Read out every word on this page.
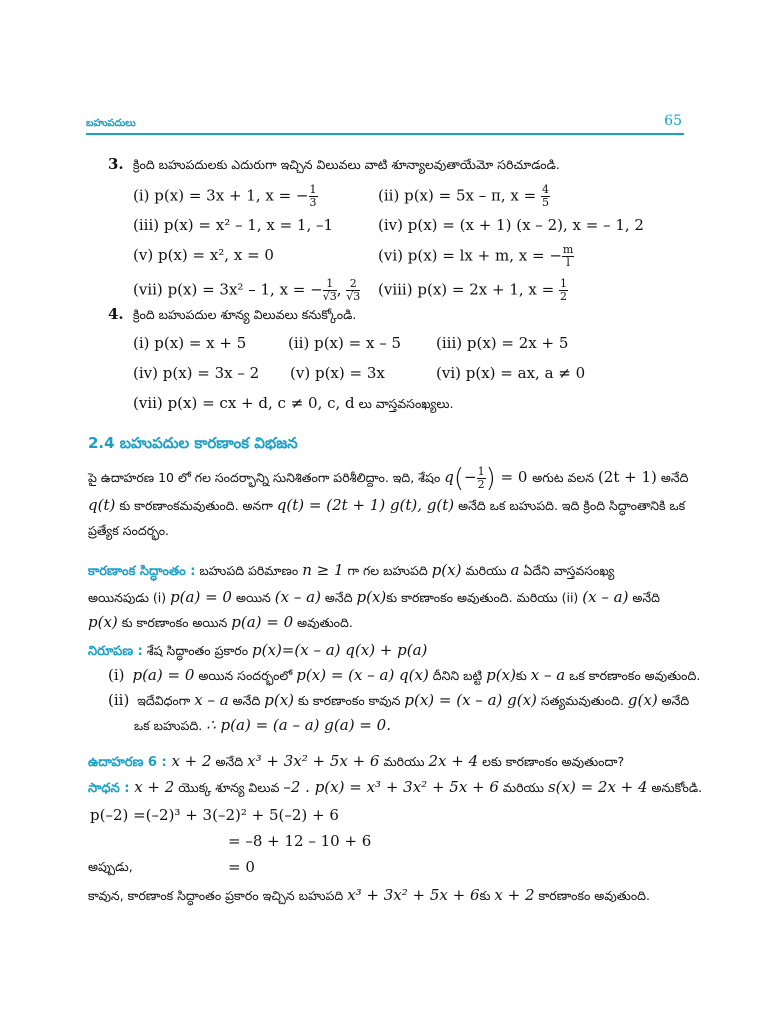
బహుపదులు	65
3. క్రింది బహుపదులకు ఎదురుగా ఇచ్చిన విలువలు వాటి శూన్యాలవుతాయేమో సరిచూడండి.
(i) p(x) = 3x + 1, x = − $\frac{1}{3}$	(ii) p(x) = 5x – π, $x = \frac{4}{5}$
(iii) p(x) = x² – 1, x = 1, –1	(iv) p(x) = (x + 1) (x – 2), x = – 1, 2
(v) p(x) = x², x = 0	(vi) p(x) = lx + m, x = − $\frac{m}{l}$
(vii) p(x) = 3x² – 1, x = − $\frac{1}{√3}$ , $\frac{2}{√3}$ (viii) p(x) = 2x + 1, $x = \frac{1}{2}$
4. క్రింది బహుపదుల శూన్య విలువలు కనుక్కోండి.
(i) p(x) = x + 5	(ii) p(x) = x – 5 (iii) p(x) = 2x + 5
(iv) p(x) = 3x – 2 (v) p(x) = 3x	(vi) p(x) = ax, a ≠ 0
(vii) p(x) = cx + d, c ≠ 0, c, d లు వాస్తవసంఖ్యలు.
2.4 బహుపదుల కారణాంక విభజన
పై ఉదాహరణ 10 లో గల సందర్భాన్ని సునిశితంగా పరిశీలిద్దాం. ఇది, శేషం $q(- \frac{1}{2}$ ) = 0 అగుట వలన (2t + 1) అనేది
q(t) కు కారణాంకమవుతుంది. అనగా q(t) = (2t + 1) g(t), g(t) అనేది ఒక బహుపది. ఇది క్రింది సిద్ధాంతానికి ఒక
ప్రత్యేక సందర్భం.
కారణాంక సిద్ధాంతం : బహుపది పరిమాణం n ≥ 1 గా గల బహుపది p(x) మరియు a ఏదేని వాస్తవసంఖ్య
అయినపుడు (i) p(a) = 0 అయిన (x – a) అనేది p(x)కు కారణాంకం అవుతుంది. మరియు (ii) (x – a) అనేది
p(x) కు కారణాంకం అయిన p(a) = 0 అవుతుంది.
నిరూపణ : శేష సిద్ధాంతం ప్రకారం p(x)=(x – a) q(x) + p(a)
(i) p(a) = 0 అయిన సందర్భంలో p(x) = (x – a) q(x) దీనిని బట్టి p(x)కు x – a ఒక కారణాంకం అవుతుంది.
(ii) ఇదేవిధంగా x – a అనేది p(x) కు కారణాంకం కావున p(x) = (x – a) g(x) సత్యమవుతుంది. g(x) అనేది
ఒక బహుపది. ∴ p(a) = (a – a) g(a) = 0.
ఉదాహరణ 6 : x + 2 అనేది x³ + 3x² + 5x + 6 మరియు 2x + 4 లకు కారణాంకం అవుతుందా?
సాధన : x + 2 యొక్క శూన్య విలువ –2 . p(x) = x³ + 3x² + 5x + 6 మరియు s(x) = 2x + 4 అనుకోండి.
p(–2) =(–2)³ + 3(–2)² + 5(–2) + 6
= –8 + 12 – 10 + 6
అప్పుడు,	= 0
కావున, కారణాంక సిద్ధాంతం ప్రకారం ఇచ్చిన బహుపది x³ + 3x² + 5x + 6కు x + 2 కారణాంకం అవుతుంది.
